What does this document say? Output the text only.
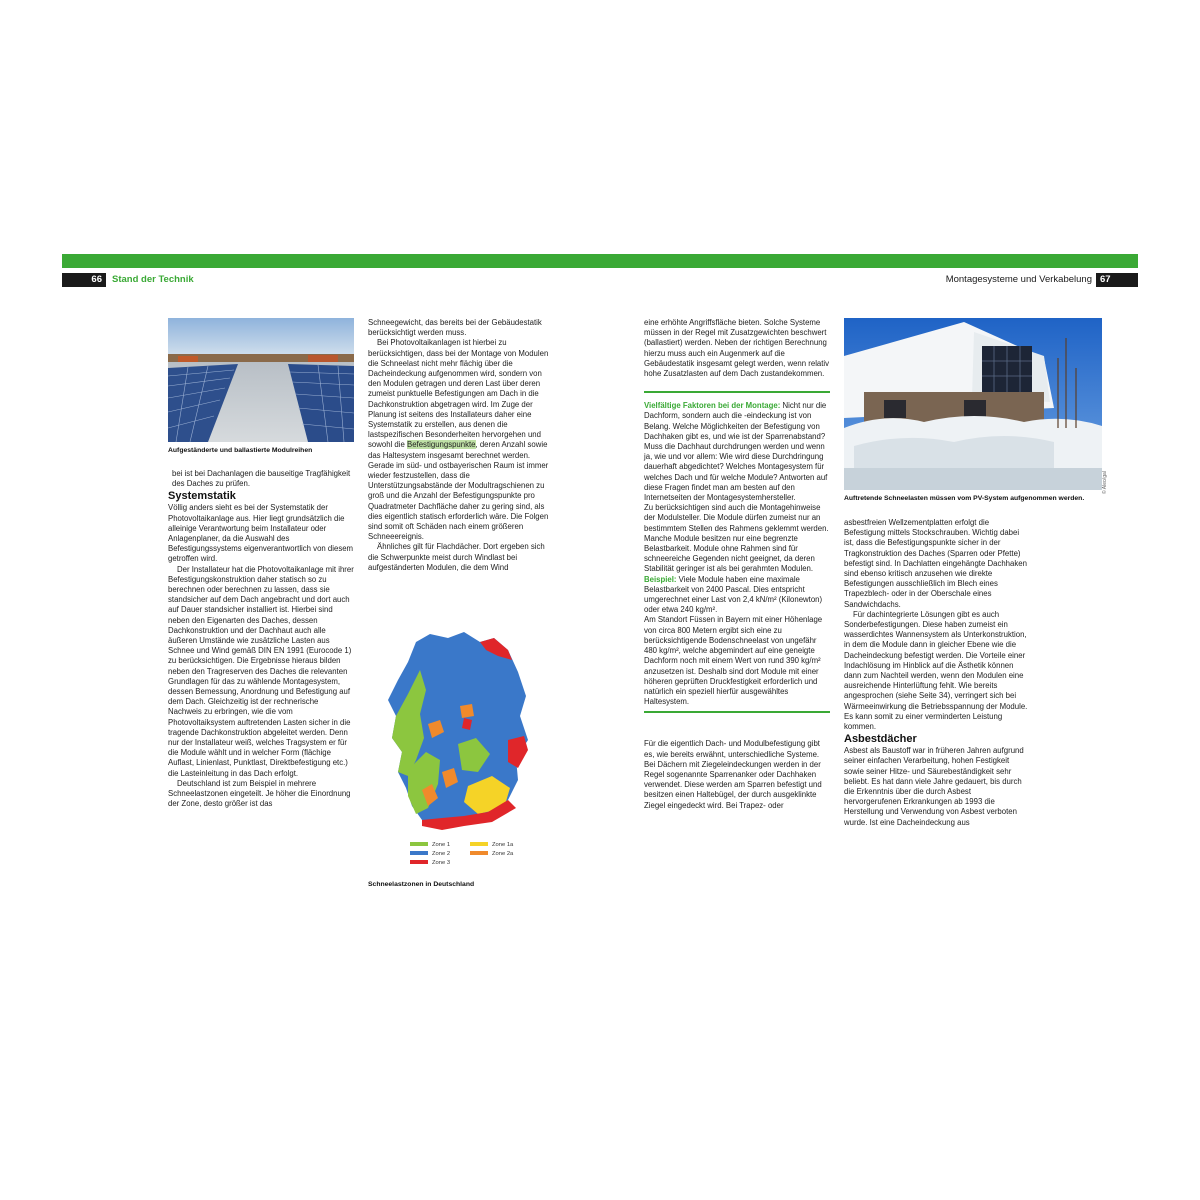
66 Stand der Technik	Montagesysteme und Verkabelung 67

Aufgeständerte und ballastierte Modulreihen

bei ist bei Dachanlagen die bauseitige Tragfähigkeit des Daches zu prüfen.

Systemstatik

Völlig anders sieht es bei der Systemstatik der Photovoltaikanlage aus. Hier liegt grundsätzlich die alleinige Verantwortung beim Installateur oder Anlagenplaner, da die Auswahl des Befestigungssystems eigenverantwortlich von diesem getroffen wird.

Der Installateur hat die Photovoltaikanlage mit ihrer Befestigungskonstruktion daher statisch so zu berechnen oder berechnen zu lassen, dass sie standsicher auf dem Dach angebracht und dort auch auf Dauer standsicher installiert ist. Hierbei sind neben den Eigenarten des Daches, dessen Dachkonstruktion und der Dachhaut auch alle äußeren Umstände wie zusätzliche Lasten aus Schnee und Wind gemäß DIN EN 1991 (Eurocode 1) zu berücksichtigen. Die Ergebnisse hieraus bilden neben den Tragreserven des Daches die relevanten Grundlagen für das zu wählende Montagesystem, dessen Bemessung, Anordnung und Befestigung auf dem Dach. Gleichzeitig ist der rechnerische Nachweis zu erbringen, wie die vom Photovoltaiksystem auftretenden Lasten sicher in die tragende Dachkonstruktion abgeleitet werden. Denn nur der Installateur weiß, welches Tragsystem er für die Module wählt und in welcher Form (flächige Auflast, Linienlast, Punktlast, Direktbefestigung etc.) die Lasteinleitung in das Dach erfolgt.

Deutschland ist zum Beispiel in mehrere Schneelastzonen eingeteilt. Je höher die Einordnung der Zone, desto größer ist das

Schneegewicht, das bereits bei der Gebäudestatik berücksichtigt werden muss.

Bei Photovoltaikanlagen ist hierbei zu berücksichtigen, dass bei der Montage von Modulen die Schneelast nicht mehr flächig über die Dacheindeckung aufgenommen wird, sondern von den Modulen getragen und deren Last über deren zumeist punktuelle Befestigungen am Dach in die Dachkonstruktion abgetragen wird. Im Zuge der Planung ist seitens des Installateurs daher eine Systemstatik zu erstellen, aus denen die lastspezifischen Besonderheiten hervorgehen und sowohl die Befestigungspunkte, deren Anzahl sowie das Haltesystem insgesamt berechnet werden. Gerade im süd- und ostbayerischen Raum ist immer wieder festzustellen, dass die Unterstützungsabstände der Modultragschienen zu groß und die Anzahl der Befestigungspunkte pro Quadratmeter Dachfläche daher zu gering sind, als dies eigentlich statisch erforderlich wäre. Die Folgen sind somit oft Schäden nach einem größeren Schneeereignis.

Ähnliches gilt für Flachdächer. Dort ergeben sich die Schwerpunkte meist durch Windlast bei aufgeständerten Modulen, die dem Wind

Zone 1	Zone 1a
Zone 2	Zone 2a
Zone 3

Schneelastzonen in Deutschland

eine erhöhte Angriffsfläche bieten. Solche Systeme müssen in der Regel mit Zusatzgewichten beschwert (ballastiert) werden. Neben der richtigen Berechnung hierzu muss auch ein Augenmerk auf die Gebäudestatik insgesamt gelegt werden, wenn relativ hohe Zusatzlasten auf dem Dach zustandekommen.

Vielfältige Faktoren bei der Montage: Nicht nur die Dachform, sondern auch die -eindeckung ist von Belang. Welche Möglichkeiten der Befestigung von Dachhaken gibt es, und wie ist der Sparrenabstand? Muss die Dachhaut durchdrungen werden und wenn ja, wie und vor allem: Wie wird diese Durchdringung dauerhaft abgedichtet? Welches Montagesystem für welches Dach und für welche Module? Antworten auf diese Fragen findet man am besten auf den Internetseiten der Montagesystemhersteller.

Zu berücksichtigen sind auch die Montagehinweise der Modulsteller. Die Module dürfen zumeist nur an bestimmtem Stellen des Rahmens geklemmt werden. Manche Module besitzen nur eine begrenzte Belastbarkeit. Module ohne Rahmen sind für schneereiche Gegenden nicht geeignet, da deren Stabilität geringer ist als bei gerahmten Modulen.

Beispiel: Viele Module haben eine maximale Belastbarkeit von 2400 Pascal. Dies entspricht umgerechnet einer Last von 2,4 kN/m² (Kilonewton) oder etwa 240 kg/m².

Am Standort Füssen in Bayern mit einer Höhenlage von circa 800 Metern ergibt sich eine zu berücksichtigende Bodenschneelast von ungefähr 480 kg/m², welche abgemindert auf eine geneigte Dachform noch mit einem Wert von rund 390 kg/m² anzusetzen ist. Deshalb sind dort Module mit einer höheren geprüften Druckfestigkeit erforderlich und natürlich ein speziell hierfür ausgewähltes Haltesystem.

Für die eigentlich Dach- und Modulbefestigung gibt es, wie bereits erwähnt, unterschiedliche Systeme. Bei Dächern mit Ziegeleindeckungen werden in der Regel sogenannte Sparrenanker oder Dachhaken verwendet. Diese werden am Sparren befestigt und besitzen einen Haltebügel, der durch ausgeklinkte Ziegel eingedeckt wird. Bei Trapez- oder

© Aleo/gal

Auftretende Schneelasten müssen vom PV-System aufgenommen werden.

asbestfreien Wellzementplatten erfolgt die Befestigung mittels Stockschrauben. Wichtig dabei ist, dass die Befestigungspunkte sicher in der Tragkonstruktion des Daches (Sparren oder Pfette) befestigt sind. In Dachlatten eingehängte Dachhaken sind ebenso kritisch anzusehen wie direkte Befestigungen ausschließlich im Blech eines Trapezblech- oder in der Oberschale eines Sandwichdachs.

Für dachintegrierte Lösungen gibt es auch Sonderbefestigungen. Diese haben zumeist ein wasserdichtes Wannensystem als Unterkonstruktion, in dem die Module dann in gleicher Ebene wie die Dacheindeckung befestigt werden. Die Vorteile einer Indachlösung im Hinblick auf die Ästhetik können dann zum Nachteil werden, wenn den Modulen eine ausreichende Hinterlüftung fehlt. Wie bereits angesprochen (siehe Seite 34), verringert sich bei Wärmeeinwirkung die Betriebsspannung der Module. Es kann somit zu einer verminderten Leistung kommen.

Asbestdächer

Asbest als Baustoff war in früheren Jahren aufgrund seiner einfachen Verarbeitung, hohen Festigkeit sowie seiner Hitze- und Säurebeständigkeit sehr beliebt. Es hat dann viele Jahre gedauert, bis durch die Erkenntnis über die durch Asbest hervorgerufenen Erkrankungen ab 1993 die Herstellung und Verwendung von Asbest verboten wurde. Ist eine Dacheindeckung aus
